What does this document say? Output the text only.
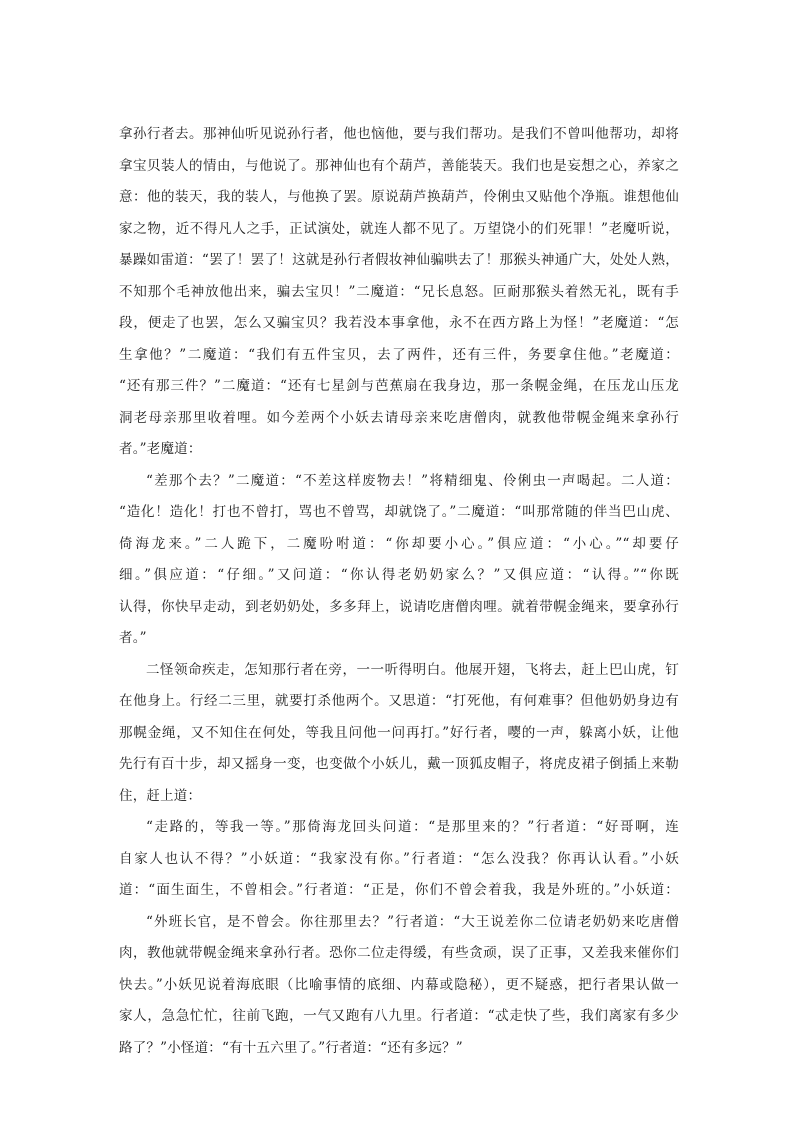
拿孙行者去。那神仙听见说孙行者，他也恼他，要与我们帮功。是我们不曾叫他帮功，却将
拿宝贝装人的情由，与他说了。那神仙也有个葫芦，善能装天。我们也是妄想之心，养家之
意：他的装天，我的装人，与他换了罢。原说葫芦换葫芦，伶俐虫又贴他个净瓶。谁想他仙
家之物，近不得凡人之手，正试演处，就连人都不见了。万望饶小的们死罪！”老魔听说，
暴躁如雷道：“罢了！罢了！这就是孙行者假妆神仙骗哄去了！那猴头神通广大，处处人熟，
不知那个毛神放他出来，骗去宝贝！”二魔道：“兄长息怒。叵耐那猴头着然无礼，既有手
段，便走了也罢，怎么又骗宝贝？我若没本事拿他，永不在西方路上为怪！”老魔道：“怎
生拿他？”二魔道：“我们有五件宝贝，去了两件，还有三件，务要拿住他。”老魔道：
“还有那三件？”二魔道：“还有七星剑与芭蕉扇在我身边，那一条幌金绳，在压龙山压龙
洞老母亲那里收着哩。如今差两个小妖去请母亲来吃唐僧肉，就教他带幌金绳来拿孙行
者。”老魔道：
“差那个去？”二魔道：“不差这样废物去！”将精细鬼、伶俐虫一声喝起。二人道：
“造化！造化！打也不曾打，骂也不曾骂，却就饶了。”二魔道：“叫那常随的伴当巴山虎、
倚海龙来。”二人跪下，二魔吩咐道：“你却要小心。”俱应道：“小心。”“却要仔
细。”俱应道：“仔细。”又问道：“你认得老奶奶家么？”又俱应道：“认得。”“你既
认得，你快早走动，到老奶奶处，多多拜上，说请吃唐僧肉哩。就着带幌金绳来，要拿孙行
者。”
二怪领命疾走，怎知那行者在旁，一一听得明白。他展开翅，飞将去，赶上巴山虎，钉
在他身上。行经二三里，就要打杀他两个。又思道：“打死他，有何难事？但他奶奶身边有
那幌金绳，又不知住在何处，等我且问他一问再打。”好行者，嘤的一声，躲离小妖，让他
先行有百十步，却又摇身一变，也变做个小妖儿，戴一顶狐皮帽子，将虎皮裙子倒插上来勒
住，赶上道：
“走路的，等我一等。”那倚海龙回头问道：“是那里来的？”行者道：“好哥啊，连
自家人也认不得？”小妖道：“我家没有你。”行者道：“怎么没我？你再认认看。”小妖
道：“面生面生，不曾相会。”行者道：“正是，你们不曾会着我，我是外班的。”小妖道：
“外班长官，是不曾会。你往那里去？”行者道：“大王说差你二位请老奶奶来吃唐僧
肉，教他就带幌金绳来拿孙行者。恐你二位走得缓，有些贪顽，误了正事，又差我来催你们
快去。”小妖见说着海底眼（比喻事情的底细、内幕或隐秘），更不疑惑，把行者果认做一
家人，急急忙忙，往前飞跑，一气又跑有八九里。行者道：“忒走快了些，我们离家有多少
路了？”小怪道：“有十五六里了。”行者道：“还有多远？”
